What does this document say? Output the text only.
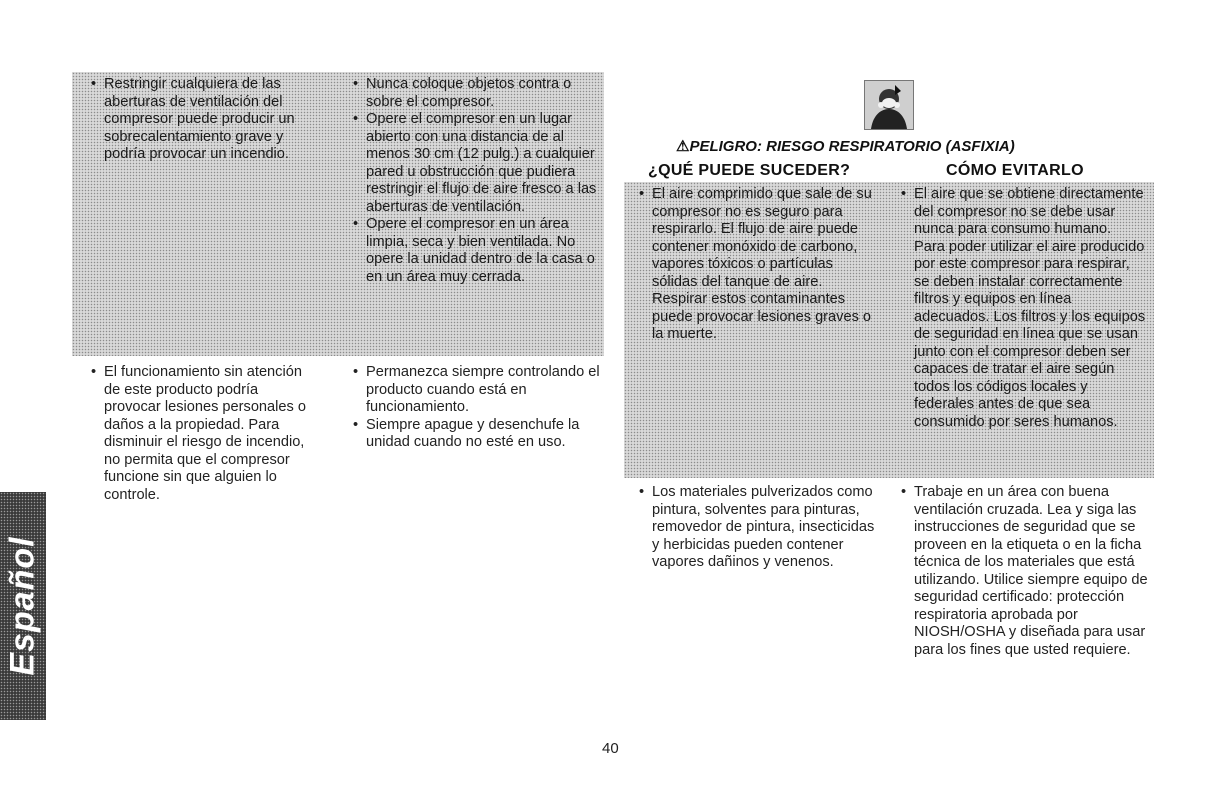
• Restringir cualquiera de las aberturas de ventilación del compresor puede producir un sobrecalentamiento grave y podría provocar un incendio.
• Nunca coloque objetos contra o sobre el compresor.
• Opere el compresor en un lugar abierto con una distancia de al menos 30 cm (12 pulg.) a cualquier pared u obstrucción que pudiera restringir el flujo de aire fresco a las aberturas de ventilación.
• Opere el compresor en un área limpia, seca y bien ventilada. No opere la unidad dentro de la casa o en un área muy cerrada.
• El funcionamiento sin atención de este producto podría provocar lesiones personales o daños a la propiedad. Para disminuir el riesgo de incendio, no permita que el compresor funcione sin que alguien lo controle.
• Permanezca siempre controlando el producto cuando está en funcionamiento.
• Siempre apague y desenchufe la unidad cuando no esté en uso.
⚠PELIGRO: RIESGO RESPIRATORIO (ASFIXIA)
¿QUÉ PUEDE SUCEDER?	CÓMO EVITARLO
• El aire comprimido que sale de su compresor no es seguro para respirarlo. El flujo de aire puede contener monóxido de carbono, vapores tóxicos o partículas sólidas del tanque de aire. Respirar estos contaminantes puede provocar lesiones graves o la muerte.
• El aire que se obtiene directamente del compresor no se debe usar nunca para consumo humano. Para poder utilizar el aire producido por este compresor para respirar, se deben instalar correctamente filtros y equipos en línea adecuados. Los filtros y los equipos de seguridad en línea que se usan junto con el compresor deben ser capaces de tratar el aire según todos los códigos locales y federales antes de que sea consumido por seres humanos.
• Los materiales pulverizados como pintura, solventes para pinturas, removedor de pintura, insecticidas y herbicidas pueden contener vapores dañinos y venenos.
• Trabaje en un área con buena ventilación cruzada. Lea y siga las instrucciones de seguridad que se proveen en la etiqueta o en la ficha técnica de los materiales que está utilizando. Utilice siempre equipo de seguridad certificado: protección respiratoria aprobada por NIOSH/OSHA y diseñada para usar para los fines que usted requiere.
Español
40
